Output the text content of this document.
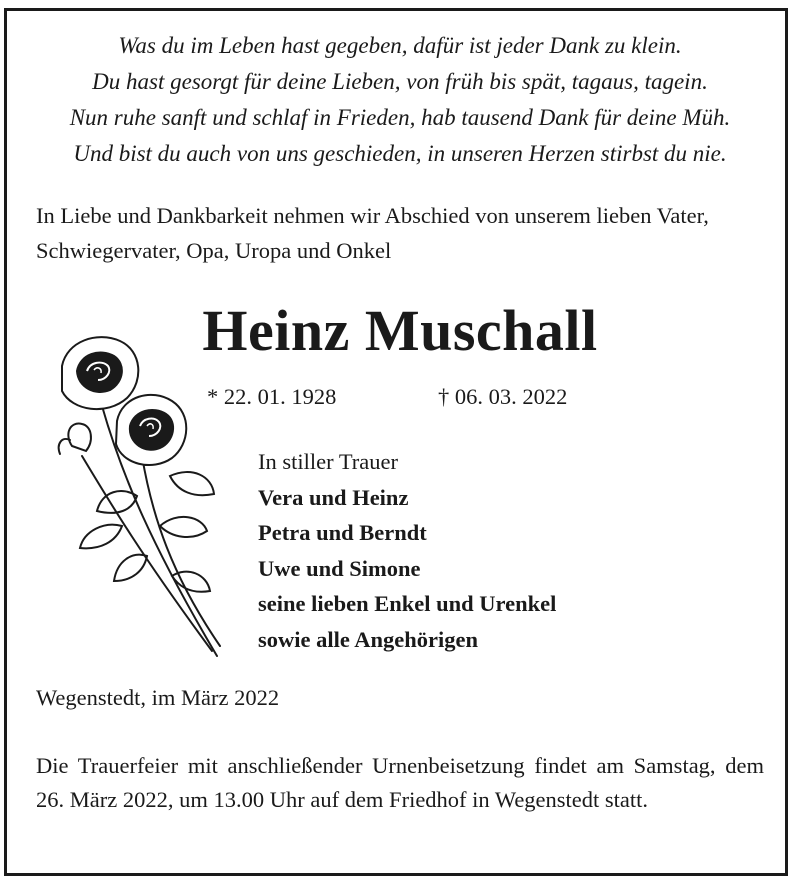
Was du im Leben hast gegeben, dafür ist jeder Dank zu klein.
Du hast gesorgt für deine Lieben, von früh bis spät, tagaus, tagein.
Nun ruhe sanft und schlaf in Frieden, hab tausend Dank für deine Müh.
Und bist du auch von uns geschieden, in unseren Herzen stirbst du nie.
In Liebe und Dankbarkeit nehmen wir Abschied von unserem lieben Vater, Schwiegervater, Opa, Uropa und Onkel
Heinz Muschall
* 22. 01. 1928	† 06. 03. 2022
In stiller Trauer
Vera und Heinz
Petra und Berndt
Uwe und Simone
seine lieben Enkel und Urenkel
sowie alle Angehörigen
Wegenstedt, im März 2022
Die Trauerfeier mit anschließender Urnenbeisetzung findet am Samstag, dem 26. März 2022, um 13.00 Uhr auf dem Friedhof in Wegenstedt statt.
